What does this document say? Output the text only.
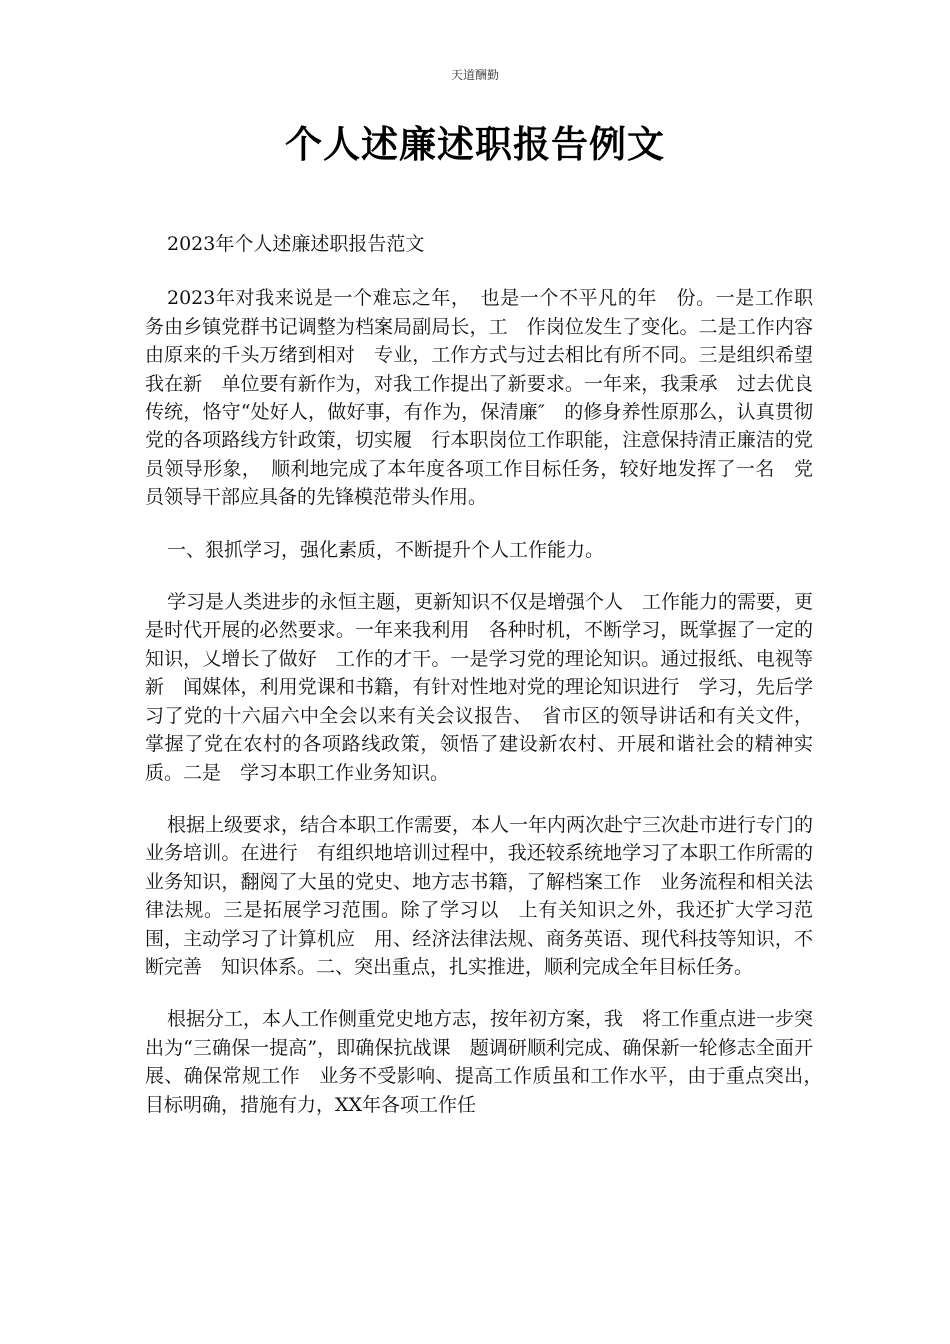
天道酬勤
个人述廉述职报告例文

2023年个人述廉述职报告范文

2023年对我来说是一个难忘之年，　也是一个不平凡的年　份。一是工作职务由乡镇党群书记调整为档案局副局长，工　作岗位发生了变化。二是工作内容由原来的千头万绪到相对　专业，工作方式与过去相比有所不同。三是组织希望我在新　单位要有新作为，对我工作提出了新要求。一年来，我秉承　过去优良传统，恪守“处好人，做好事，有作为，保清廉″　的修身养性原那么，认真贯彻党的各项路线方针政策，切实履　行本职岗位工作职能，注意保持清正廉洁的党员领导形象，　顺利地完成了本年度各项工作目标任务，较好地发挥了一名　党员领导干部应具备的先锋模范带头作用。

一、狠抓学习，强化素质，不断提升个人工作能力。

学习是人类进步的永恒主题，更新知识不仅是增强个人　工作能力的需要，更是时代开展的必然要求。一年来我利用　各种时机，不断学习，既掌握了一定的知识，乂增长了做好　工作的才干。一是学习党的理论知识。通过报纸、电视等新　闻媒体，利用党课和书籍，有针对性地对党的理论知识进行　学习，先后学习了党的十六届六中全会以来有关会议报告、　省市区的领导讲话和有关文件，掌握了党在农村的各项路线政策，领悟了建设新农村、开展和谐社会的精神实质。二是　学习本职工作业务知识。

根据上级要求，结合本职工作需要，本人一年内两次赴宁三次赴市进行专门的业务培训。在进行　有组织地培训过程中，我还较系统地学习了本职工作所需的　业务知识，翻阅了大虽的党史、地方志书籍，了解档案工作　业务流程和相关法律法规。三是拓展学习范围。除了学习以　上有关知识之外，我还扩大学习范围，主动学习了计算机应　用、经济法律法规、商务英语、现代科技等知识，不断完善　知识体系。二、突出重点，扎实推进，顺利完成全年目标任务。

根据分工，本人工作侧重党史地方志，按年初方案，我　将工作重点进一步突出为“三确保一提高”，即确保抗战课　题调研顺利完成、确保新一轮修志全面开展、确保常规工作　业务不受影响、提高工作质虽和工作水平，由于重点突出，　目标明确，措施有力，XX年各项工作任
